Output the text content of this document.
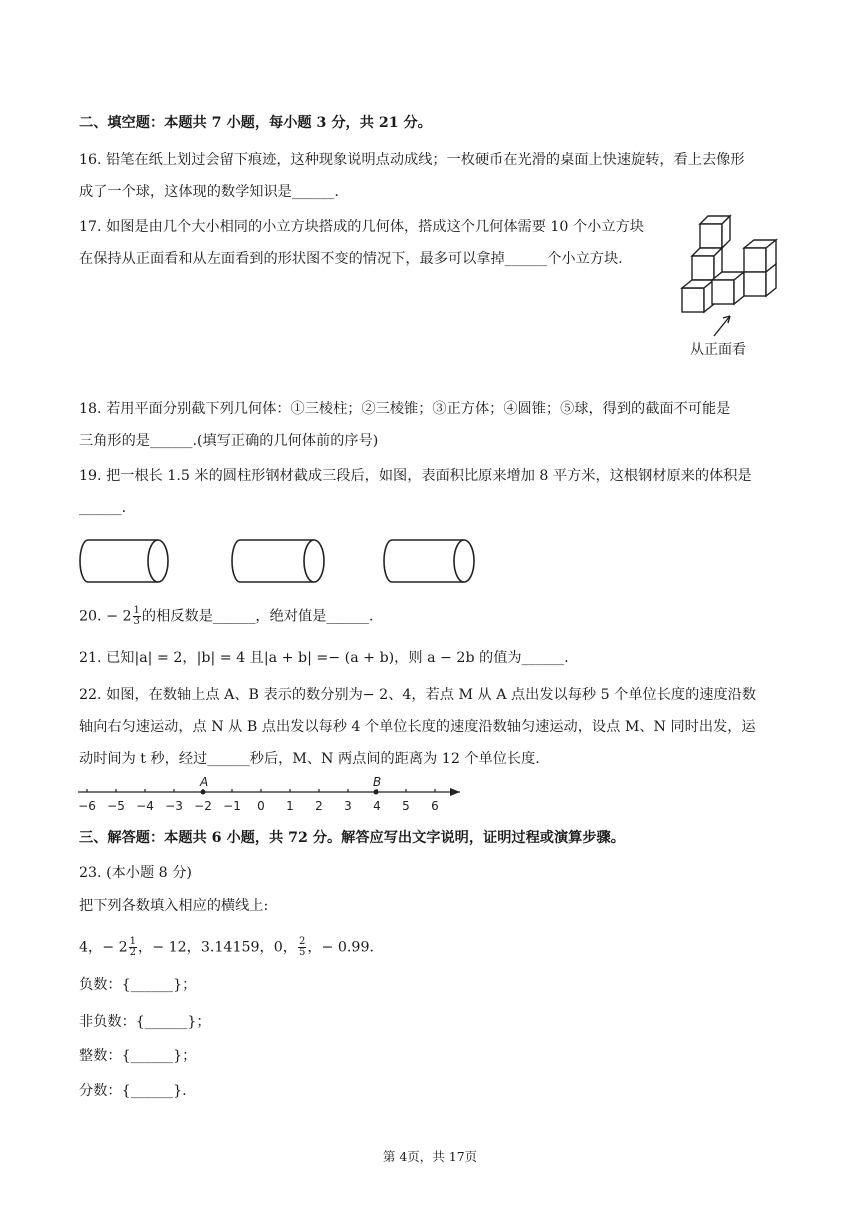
二、填空题：本题共 7 小题，每小题 3 分，共 21 分。
16. 铅笔在纸上划过会留下痕迹，这种现象说明点动成线；一枚硬币在光滑的桌面上快速旋转，看上去像形
成了一个球，这体现的数学知识是______.
17. 如图是由几个大小相同的小立方块搭成的几何体，搭成这个几何体需要 10 个小立方块
在保持从正面看和从左面看到的形状图不变的情况下，最多可以拿掉______个小立方块.
从正面看
18. 若用平面分别截下列几何体：①三棱柱；②三棱锥；③正方体；④圆锥；⑤球，得到的截面不可能是
三角形的是______.(填写正确的几何体前的序号)
19. 把一根长 1.5 米的圆柱形钢材截成三段后，如图，表面积比原来增加 8 平方米，这根钢材原来的体积是
______.
20. − $2 \frac{1}{3}$ 的相反数是______，绝对值是______.
21. 已知|a| = 2，|b| = 4 且|a + b| =− (a + b)，则 a − 2b 的值为______.
22. 如图，在数轴上点 A、B 表示的数分别为− 2、4，若点 M 从 A 点出发以每秒 5 个单位长度的速度沿数
轴向右匀速运动，点 N 从 B 点出发以每秒 4 个单位长度的速度沿数轴匀速运动，设点 M、N 同时出发，运
动时间为 t 秒，经过______秒后，M、N 两点间的距离为 12 个单位长度.
−6 −5 −4 −3 −2 −1 0 1 2 3 4 5 6
A	B
三、解答题：本题共 6 小题，共 72 分。解答应写出文字说明，证明过程或演算步骤。
23. (本小题 8 分)
把下列各数填入相应的横线上:
4，− $2 \frac{1}{2}$ ，− 12，3.14159，0， $\frac{2}{5}$ ，− 0.99．
负数：{______}；
非负数：{______}；
整数：{______}；
分数：{______}.
第 4页，共 17页
